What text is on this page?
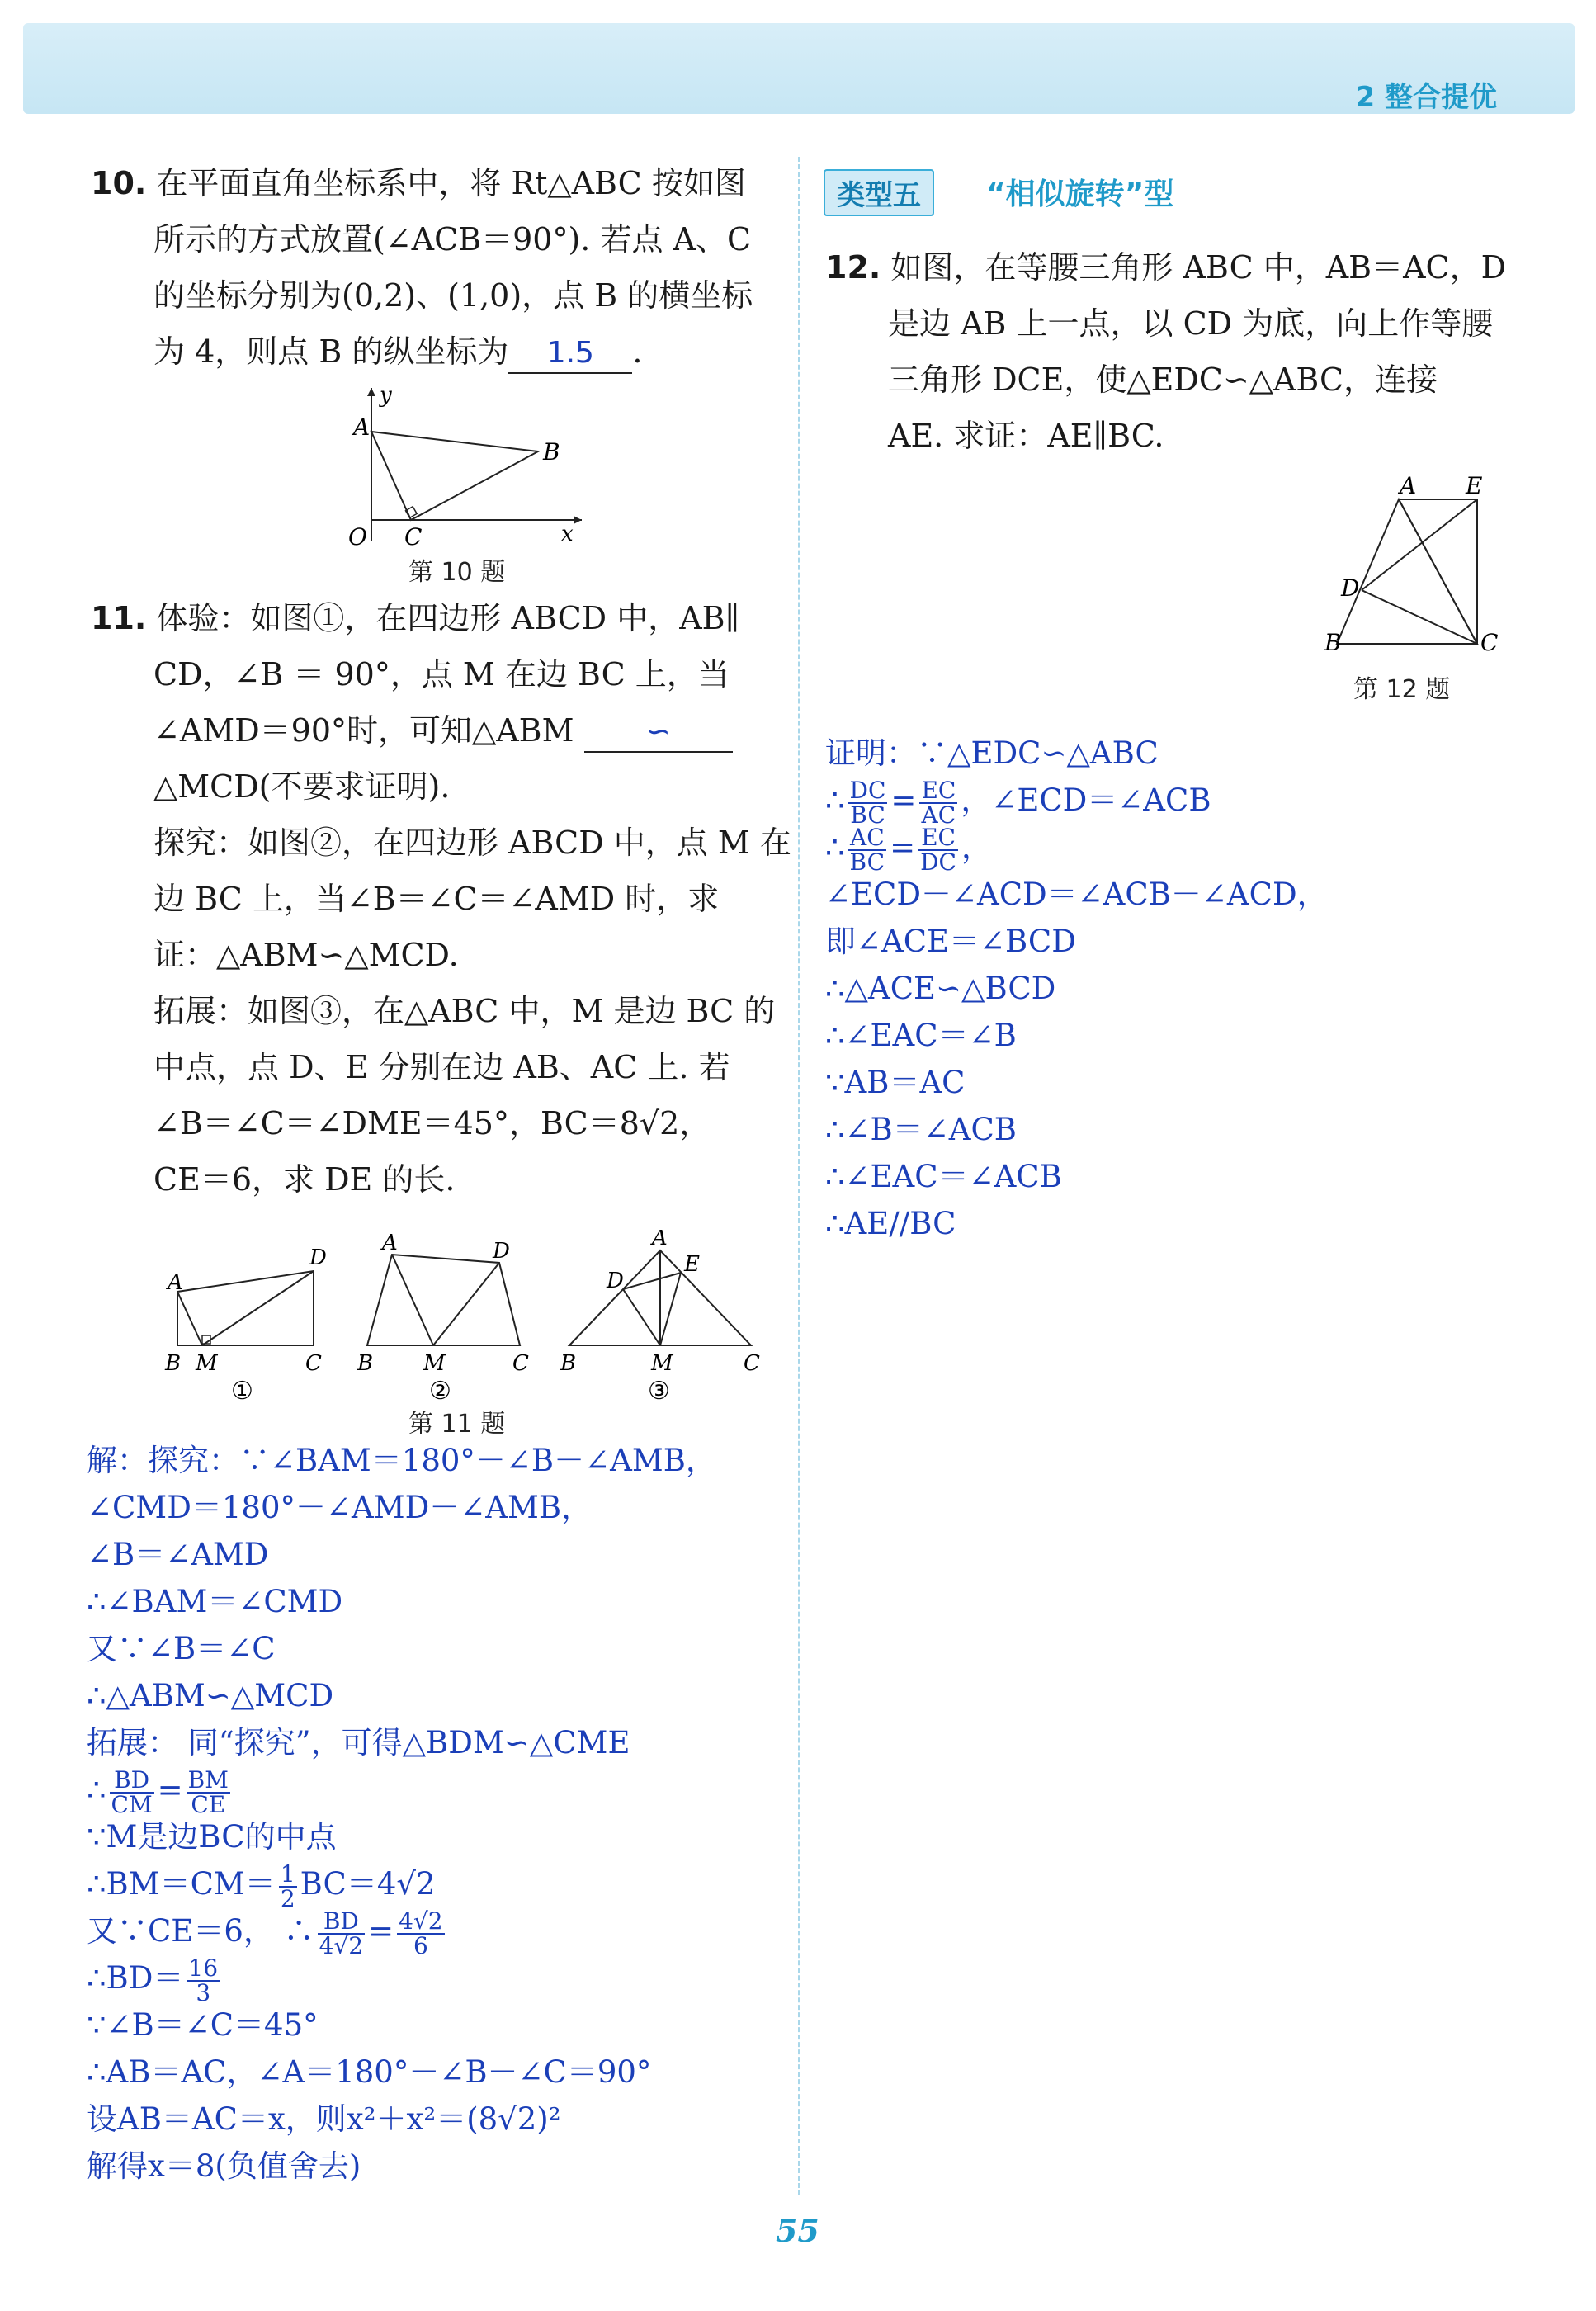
2 整合提优
10. 在平面直角坐标系中，将 Rt△ABC 按如图
所示的方式放置(∠ACB＝90°). 若点 A、C
的坐标分别为(0,2)、(1,0)，点 B 的横坐标
为 4，则点 B 的纵坐标为 1.5 .
A
B
C
O	x
y
第 10 题
11. 体验：如图①，在四边形 ABCD 中，AB∥
CD，∠B ＝ 90°，点 M 在边 BC 上，当
∠AMD＝90°时，可知△ABM ∽
△MCD(不要求证明).
探究：如图②，在四边形 ABCD 中，点 M 在
边 BC 上，当∠B＝∠C＝∠AMD 时，求
证：△ABM∽△MCD.
拓展：如图③，在△ABC 中，M 是边 BC 的
中点，点 D、E 分别在边 AB、AC 上. 若
∠B＝∠C＝∠DME＝45°，BC＝8√2，
CE＝6，求 DE 的长.
A
D
B M	C
①
A	D
B M	C
②
A
D
E
B	M	C
③
第 11 题
解：探究：∵∠BAM＝180°－∠B－∠AMB，
∠CMD＝180°－∠AMD－∠AMB，
∠B＝∠AMD
∴∠BAM＝∠CMD
又∵∠B＝∠C
∴△ABM∽△MCD
拓展： 同“探究”，可得△BDM∽△CME
∴ $\frac{BD}{CM} = \frac{BM}{CE}$
∵M是边BC的中点
∴BM＝CM＝ $\frac{1}{2} BC=4√2$
又∵CE＝6， ∴ $\frac{BD}{4√2} = \frac{4√2}{6}$
∴BD＝ $\frac{16}{3}$
∵∠B＝∠C＝45°
∴AB＝AC，∠A＝180°－∠B－∠C＝90°
设AB＝AC＝x，则x²＋x²＝(8√2)²
解得x＝8(负值舍去)
类型五	“相似旋转”型
12. 如图，在等腰三角形 ABC 中，AB＝AC，D
是边 AB 上一点，以 CD 为底，向上作等腰
三角形 DCE，使△EDC∽△ABC，连接
AE. 求证：AE∥BC.
A E
D
B	C
第 12 题
证明：∵△EDC∽△ABC
∴ $\frac{DC}{BC} = \frac{EC}{AC}$ ，∠ECD＝∠ACB
∴ $\frac{AC}{BC} = \frac{EC}{DC}$ ，
∠ECD－∠ACD＝∠ACB－∠ACD，
即∠ACE＝∠BCD
∴△ACE∽△BCD
∴∠EAC＝∠B
∵AB＝AC
∴∠B＝∠ACB
∴∠EAC＝∠ACB
∴AE//BC
55
